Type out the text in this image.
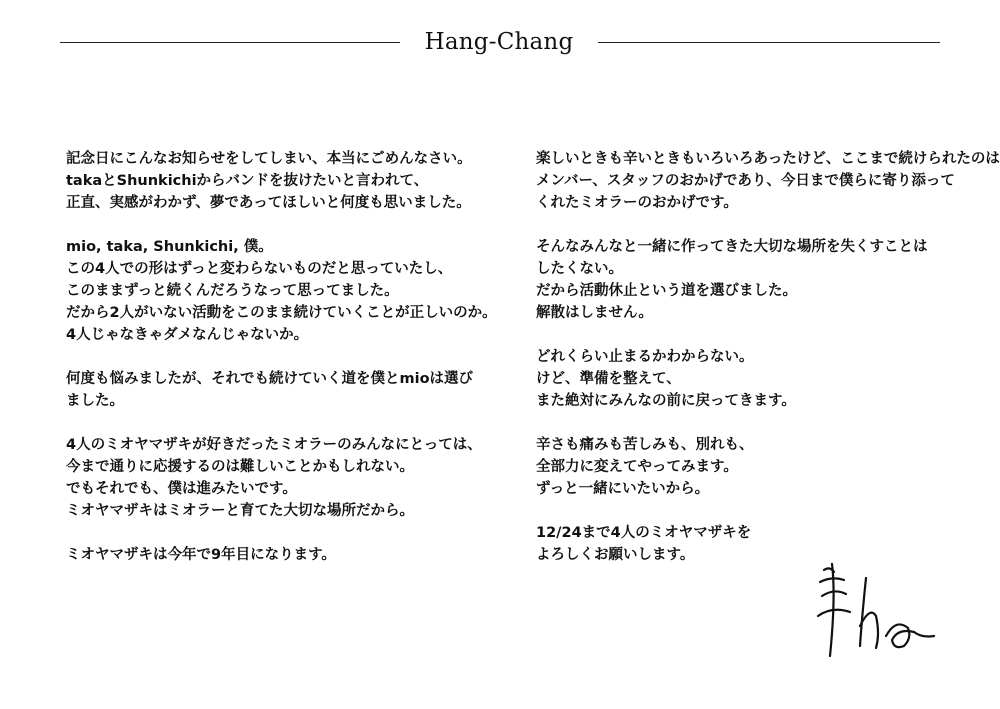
Hang-Chang
記念日にこんなお知らせをしてしまい、本当にごめんなさい。
takaとShunkichiからバンドを抜けたいと言われて、
正直、実感がわかず、夢であってほしいと何度も思いました。
mio, taka, Shunkichi, 僕。
この4人での形はずっと変わらないものだと思っていたし、
このままずっと続くんだろうなって思ってました。
だから2人がいない活動をこのまま続けていくことが正しいのか。
4人じゃなきゃダメなんじゃないか。
何度も悩みましたが、それでも続けていく道を僕とmioは選び
ました。
4人のミオヤマザキが好きだったミオラーのみんなにとっては、
今まで通りに応援するのは難しいことかもしれない。
でもそれでも、僕は進みたいです。
ミオヤマザキはミオラーと育てた大切な場所だから。
ミオヤマザキは今年で9年目になります。
楽しいときも辛いときもいろいろあったけど、ここまで続けられたのは
メンバー、スタッフのおかげであり、今日まで僕らに寄り添って
くれたミオラーのおかげです。
そんなみんなと一緒に作ってきた大切な場所を失くすことは
したくない。
だから活動休止という道を選びました。
解散はしません。
どれくらい止まるかわからない。
けど、準備を整えて、
また絶対にみんなの前に戻ってきます。
辛さも痛みも苦しみも、別れも、
全部力に変えてやってみます。
ずっと一緒にいたいから。
12/24まで4人のミオヤマザキを
よろしくお願いします。
